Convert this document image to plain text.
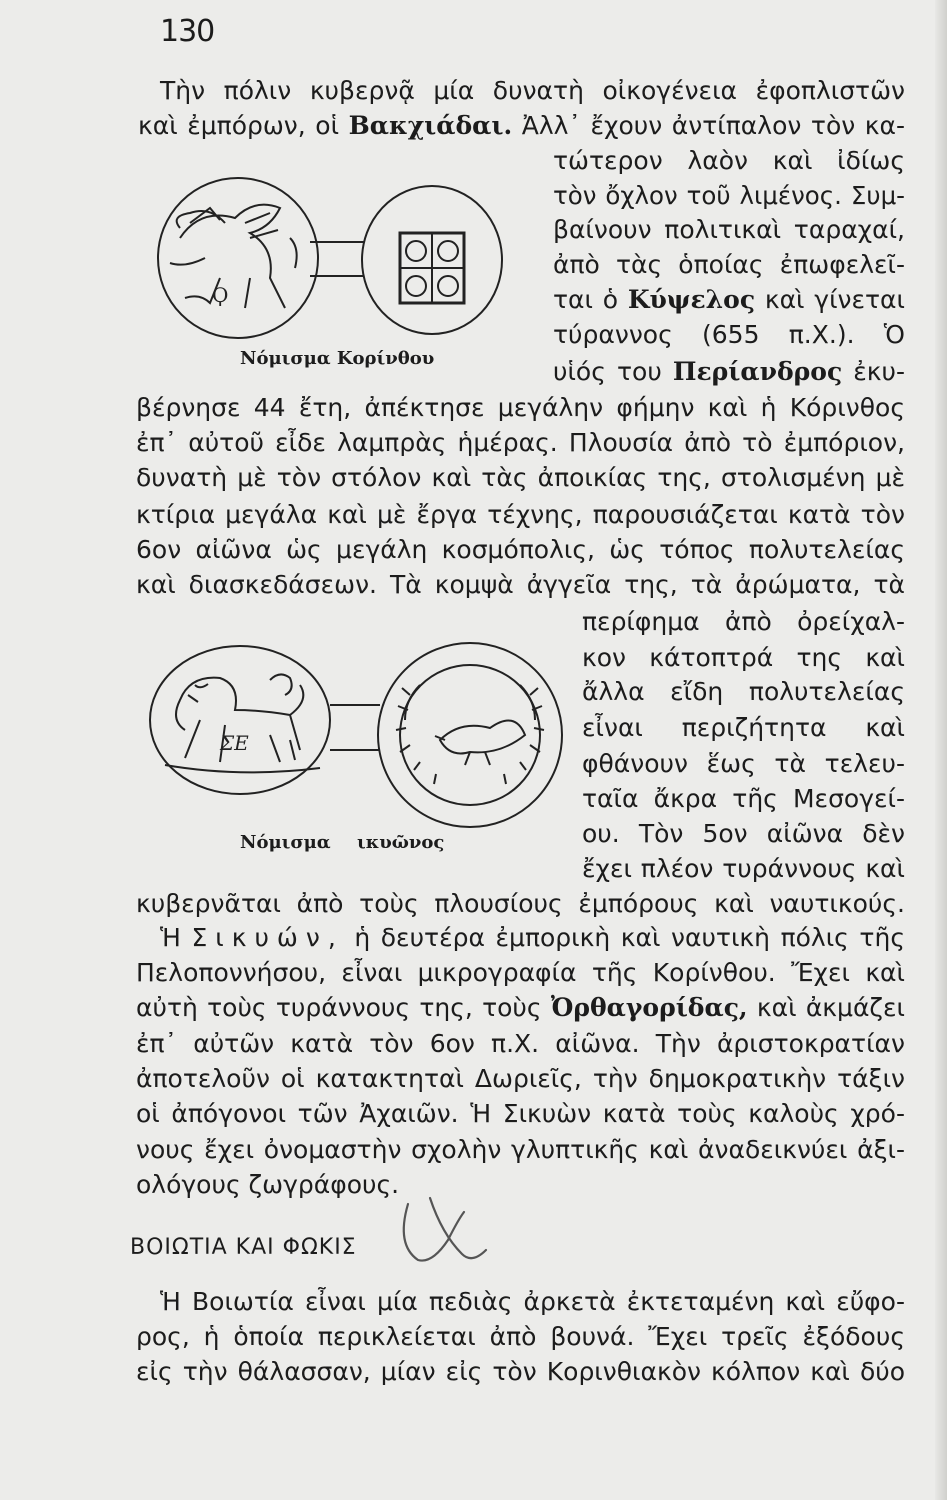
130
Τὴν πόλιν κυβερνᾷ μία δυνατὴ οἰκογένεια ἐφοπλιστῶν
καὶ ἐμπόρων, οἱ Βακχιάδαι. Ἀλλ᾽ ἔχουν ἀντίπαλον τὸν κα-
τώτερον λαὸν καὶ ἰδίως
τὸν ὄχλον τοῦ λιμένος. Συμ-
βαίνουν πολιτικαὶ ταραχαί,
ἀπὸ τὰς ὁποίας ἐπωφελεῖ-
ται ὁ Κύψελος καὶ γίνεται
τύραννος (655 π.Χ.). Ὁ
υἱός του Περίανδρος ἐκυ-
βέρνησε 44 ἔτη, ἀπέκτησε μεγάλην φήμην καὶ ἡ Κόρινθος
ἐπ᾽ αὐτοῦ εἶδε λαμπρὰς ἡμέρας. Πλουσία ἀπὸ τὸ ἐμπόριον,
δυνατὴ μὲ τὸν στόλον καὶ τὰς ἀποικίας της, στολισμένη μὲ
κτίρια μεγάλα καὶ μὲ ἔργα τέχνης, παρουσιάζεται κατὰ τὸν
6ον αἰῶνα ὡς μεγάλη κοσμόπολις, ὡς τόπος πολυτελείας
καὶ διασκεδάσεων. Τὰ κομψὰ ἀγγεῖα της, τὰ ἀρώματα, τὰ
περίφημα ἀπὸ ὀρείχαλ-
κον κάτοπτρά της καὶ
ἄλλα εἴδη πολυτελείας
εἶναι περιζήτητα καὶ
φθάνουν ἕως τὰ τελευ-
ταῖα ἄκρα τῆς Μεσογεί-
ου. Τὸν 5ον αἰῶνα δὲν
ἔχει πλέον τυράννους καὶ
κυβερνᾶται ἀπὸ τοὺς πλουσίους ἐμπόρους καὶ ναυτικούς.
Ἡ Σικυών, ἡ δευτέρα ἐμπορικὴ καὶ ναυτικὴ πόλις τῆς
Πελοποννήσου, εἶναι μικρογραφία τῆς Κορίνθου. Ἔχει καὶ
αὐτὴ τοὺς τυράννους της, τοὺς Ὀρθαγορίδας, καὶ ἀκμάζει
ἐπ᾽ αὐτῶν κατὰ τὸν 6ον π.Χ. αἰῶνα. Τὴν ἀριστοκρατίαν
ἀποτελοῦν οἱ κατακτηταὶ Δωριεῖς, τὴν δημοκρατικὴν τάξιν
οἱ ἀπόγονοι τῶν Ἀχαιῶν. Ἡ Σικυὼν κατὰ τοὺς καλοὺς χρό-
νους ἔχει ὀνομαστὴν σχολὴν γλυπτικῆς καὶ ἀναδεικνύει ἀξι-
ολόγους ζωγράφους.
Ἡ Βοιωτία εἶναι μία πεδιὰς ἀρκετὰ ἐκτεταμένη καὶ εὔφο-
ρος, ἡ ὁποία περικλείεται ἀπὸ βουνά. Ἔχει τρεῖς ἐξόδους
εἰς τὴν θάλασσαν, μίαν εἰς τὸν Κορινθιακὸν κόλπον καὶ δύο
Ϙ
Νόμισμα Κορίνθου
ΣΕ
Νόμισμα ικυῶνος
ΒΟΙΩΤΙΑ ΚΑΙ ΦΩΚΙΣ
